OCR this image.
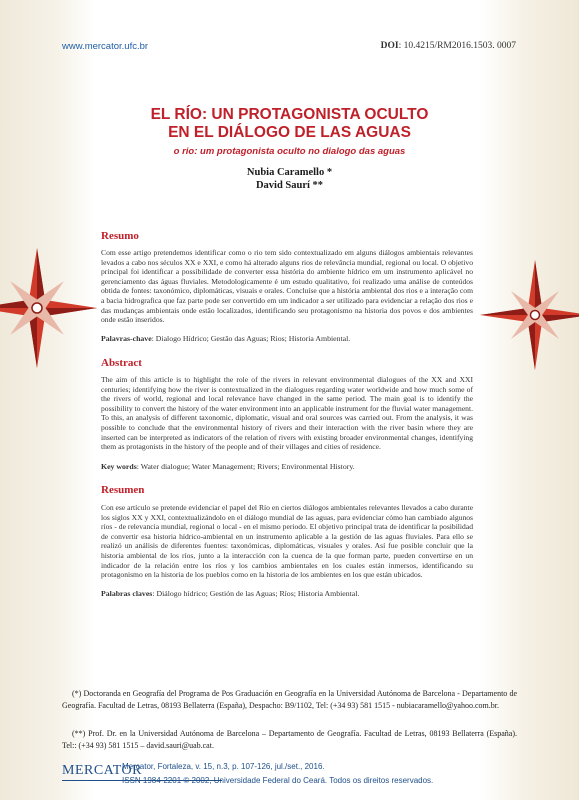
www.mercator.ufc.br	DOI: 10.4215/RM2016.1503. 0007
EL RÍO: UN PROTAGONISTA OCULTO
EN EL DIÁLOGO DE LAS AGUAS
o rio: um protagonista oculto no dialogo das aguas
Nubia Caramello *
David Saurí **
Resumo
Com esse artigo pretendemos identificar como o rio tem sido contextualizado em alguns diálogos ambientais relevantes levados a cabo nos séculos XX e XXI, e como há alterado alguns rios de relevância mundial, regional ou local. O objetivo principal foi identificar a possibilidade de converter essa história do ambiente hídrico em um instrumento aplicável no gerenciamento das águas fluviales. Metodologicamente é um estudo qualitativo, foi realizado uma análise de conteúdos obtida de fontes: taxonómico, diplomáticas, visuais e orales. Concluíse que a história ambiental dos rios e a interação com a bacia hidrografica que faz parte pode ser convertido em um indicador a ser utilizado para evidenciar a relação dos rios e das mudanças ambientais onde estão localizados, identificando seu protagonismo na historia dos povos e dos ambientes onde estão inseridos.
Palavras-chave: Dialogo Hídrico; Gestão das Aguas; Rios; Historia Ambiental.
Abstract
The aim of this article is to highlight the role of the rivers in relevant environmental dialogues of the XX and XXI centuries; identifying how the river is contextualized in the dialogues regarding water worldwide and how much some of the rivers of world, regional and local relevance have changed in the same period. The main goal is to identify the possibility to convert the history of the water environment into an applicable instrument for the fluvial water management. To this, an analysis of different taxonomic, diplomatic, visual and oral sources was carried out. From the analysis, it was possible to conclude that the environmental history of rivers and their interaction with the river basin where they are inserted can be interpreted as indicators of the relation of rivers with existing broader environmental changes, identifying them as protagonists in the history of the people and of their villages and cities of residence.
Key words: Water dialogue; Water Management; Rivers; Environmental History.
Resumen
Con ese artículo se pretende evidenciar el papel del Río en ciertos diálogos ambientales relevantes llevados a cabo durante los siglos XX y XXI, contextualizándolo en el diálogo mundial de las aguas, para evidenciar cómo han cambiado algunos ríos - de relevancia mundial, regional o local - en el mismo periodo. El objetivo principal trata de identificar la posibilidad de convertir esa historia hídrico-ambiental en un instrumento aplicable a la gestión de las aguas fluviales. Para ello se realizó un análisis de diferentes fuentes: taxonómicas, diplomáticas, visuales y orales. Así fue posible concluir que la historia ambiental de los ríos, junto a la interacción con la cuenca de la que forman parte, pueden convertirse en un indicador de la relación entre los ríos y los cambios ambientales en los cuales están inmersos, identificando su protagonismo en la historia de los pueblos como en la historia de los ambientes en los que están ubicados.
Palabras claves: Diálogo hídrico; Gestión de las Aguas; Ríos; Historia Ambiental.
(*) Doctoranda en Geografía del Programa de Pos Graduación en Geografía en la Universidad Autónoma de Barcelona - Departamento de Geografía. Facultad de Letras, 08193 Bellaterra (España), Despacho: B9/1102, Tel: (+34 93) 581 1515 - nubiacaramello@yahoo.com.br.
(**) Prof. Dr. en la Universidad Autónoma de Barcelona – Departamento de Geografía. Facultad de Letras, 08193 Bellaterra (España). Tel:: (+34 93) 581 1515 – david.sauri@uab.cat.
MERCATOR
Mercator, Fortaleza, v. 15, n.3, p. 107-126, jul./set., 2016.
ISSN 1984-2201 © 2002, Universidade Federal do Ceará. Todos os direitos reservados.
